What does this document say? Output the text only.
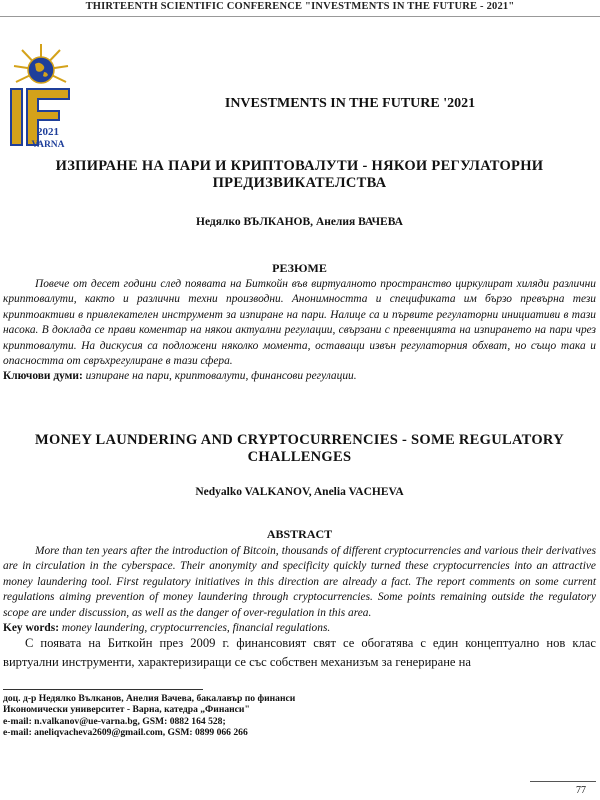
THIRTEENTH SCIENTIFIC CONFERENCE "INVESTMENTS IN THE FUTURE - 2021"
2021
VARNA
INVESTMENTS IN THE FUTURE '2021
ИЗПИРАНЕ НА ПАРИ И КРИПТОВАЛУТИ - НЯКОИ РЕГУЛАТОРНИ
ПРЕДИЗВИКАТЕЛСТВА
Недялко ВЪЛКАНОВ, Анелия ВАЧЕВА
РЕЗЮМЕ

Повече от десет години след появата на Биткойн във виртуалното пространство циркулират хиляди различни криптовалути, както и различни техни производни. Анонимността и спецификата им бързо превърна тези криптоактиви в привлекателен инструмент за изпиране на пари. Налице са и първите регулаторни инициативи в тази насока. В доклада се прави коментар на някои актуални регулации, свързани с превенцията на изпирането на пари чрез криптовалути. На дискусия са подложени няколко момента, оставащи извън регулаторния обхват, но също така и опасността от свръхрегулиране в тази сфера.

Ключови думи: изпиране на пари, криптовалути, финансови регулации.

MONEY LAUNDERING AND CRYPTOCURRENCIES - SOME REGULATORY
CHALLENGES
Nedyalko VALKANOV, Anelia VACHEVA
ABSTRACT

More than ten years after the introduction of Bitcoin, thousands of different cryptocurrencies and various their derivatives are in circulation in the cyberspace. Their anonymity and specificity quickly turned these cryptocurrencies into an attractive money laundering tool. First regulatory initiatives in this direction are already a fact. The report comments on some current regulations aiming prevention of money laundering through cryptocurrencies. Some points remaining outside the regulatory scope are under discussion, as well as the danger of over-regulation in this area.

Key words: money laundering, cryptocurrencies, financial regulations.

С появата на Биткойн през 2009 г. финансовият свят се обогатява с един концептуално нов клас виртуални инструменти, характеризиращи се със собствен механизъм за генериране на

доц. д-р Недялко Вълканов, Анелия Вачева, бакалавър по финанси
Икономически университет - Варна, катедра „Финанси"
e-mail: n.valkanov@ue-varna.bg, GSM: 0882 164 528;
e-mail: aneliqvacheva2609@gmail.com, GSM: 0899 066 266
77
